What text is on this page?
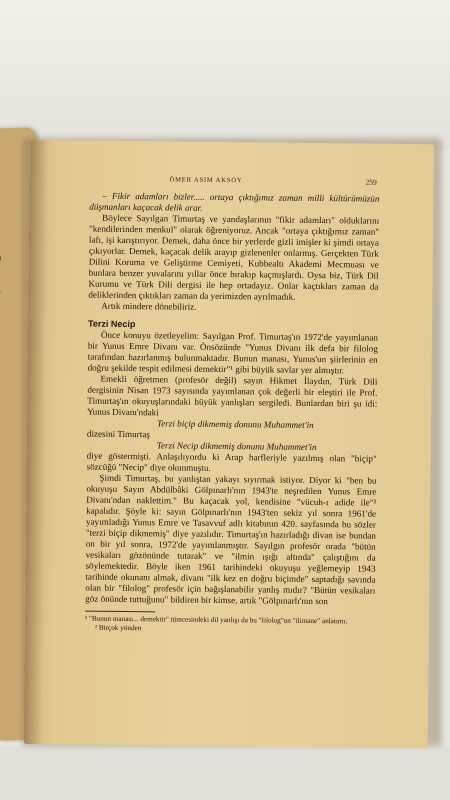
ÖMER ASIM AKSOY	259

– Fikir adamları bizler..... ortaya çıktığımız zaman milli kültürümüzün düşmanları kaçacak delik arar.

Böylece Sayılgan Timurtaş ve yandaşlarının "fikir adamları" olduklarını "kendilerinden menkul" olarak öğreniyoruz. Ancak "ortaya çıktığımız zaman" lafı, işi karıştırıyor. Demek, daha önce bir yerlerde gizli imişler ki şimdi ortaya çıkıyorlar. Demek, kaçacak delik arayıp gizlenenler onlarmış. Gerçekten Türk Dilini Koruma ve Geliştirme Cemiyeti, Kubbealtı Akademi Mecmuası ve bunlara benzer yuvalarını yıllar önce bırakıp kaçmışlardı. Oysa biz, Türk Dil Kurumu ve Türk Dili dergisi ile hep ortadayız. Onlar kaçtıkları zaman da deliklerinden çıktıkları zaman da yerimizden ayrılmadık.

Artık mindere dönebiliriz.

Terzi Necip

Önce konuyu özetleyelim: Sayılgan Prof. Timurtaş'ın 1972'de yayımlanan bir Yunus Emre Divanı var. Önsözünde "Yunus Divanı ilk defa bir filolog tarafından hazırlanmış bulunmaktadır. Bunun manası, Yunus'un şiirlerinin en doğru şekilde tespit edilmesi demektir"¹ gibi büyük savlar yer almıştır.

Emekli öğretmen (profesör değil) sayın Hikmet İlaydın, Türk Dili dergisinin Nisan 1973 sayısında yayımlanan çok değerli bir eleştiri ile Prof. Timurtaş'ın okuyuşlarındaki büyük yanlışları sergiledi. Bunlardan biri şu idi: Yunus Divanı'ndaki

Terzi biçip dikmemiş donunu Muhammet'in

dizesini Timurtaş

Terzi Necip dikmemiş donunu Muhammet'in

diye göstermişti. Anlaşılıyordu ki Arap harfleriyle yazılmış olan "biçip" sözcüğü "Necip" diye okunmuştu.

Şimdi Timurtaş, bu yanlıştan yakayı sıyırmak istiyor. Diyor ki "ben bu okuyuşu Sayın Abdülbâki Gölpınarlı'nın 1943'te neşredilen Yunus Emre Divanı'ndan naklettim." Bu kaçacak yol, kendisine "vücuh-ı adide ile"² kapalıdır. Şöyle ki: sayın Gölpınarlı'nın 1943'ten sekiz yıl sonra 1961'de yayımladığı Yunus Emre ve Tasavvuf adlı kitabının 420. sayfasında bu sözler "terzi biçip dikmemiş" diye yazılıdır. Timurtaş'ın hazırladığı divan ise bundan on bir yıl sonra, 1972'de yayımlanmıştır. Sayılgın profesör orada "bütün vesikaları gözönünde tutarak" ve "ilmin ışığı altında" çalıştığını da söylemektedir. Böyle iken 1961 tarihindeki okuyuşu yeğlemeyip 1943 tarihinde okunanı almak, divanı "ilk kez en doğru biçimde" saptadığı savında olan bir "filolog" profesör için bağışlanabilir yanlış mıdır? "Bütün vesikaları göz önünde tuttuğunu" bildiren bir kimse, artık "Gölpınarlı'nın son

¹ "Bunun manası... demektir" tümcesindeki dil yanlışı da bu "filolog"un "ilimane" anlatımı.

² Birçok yönden
